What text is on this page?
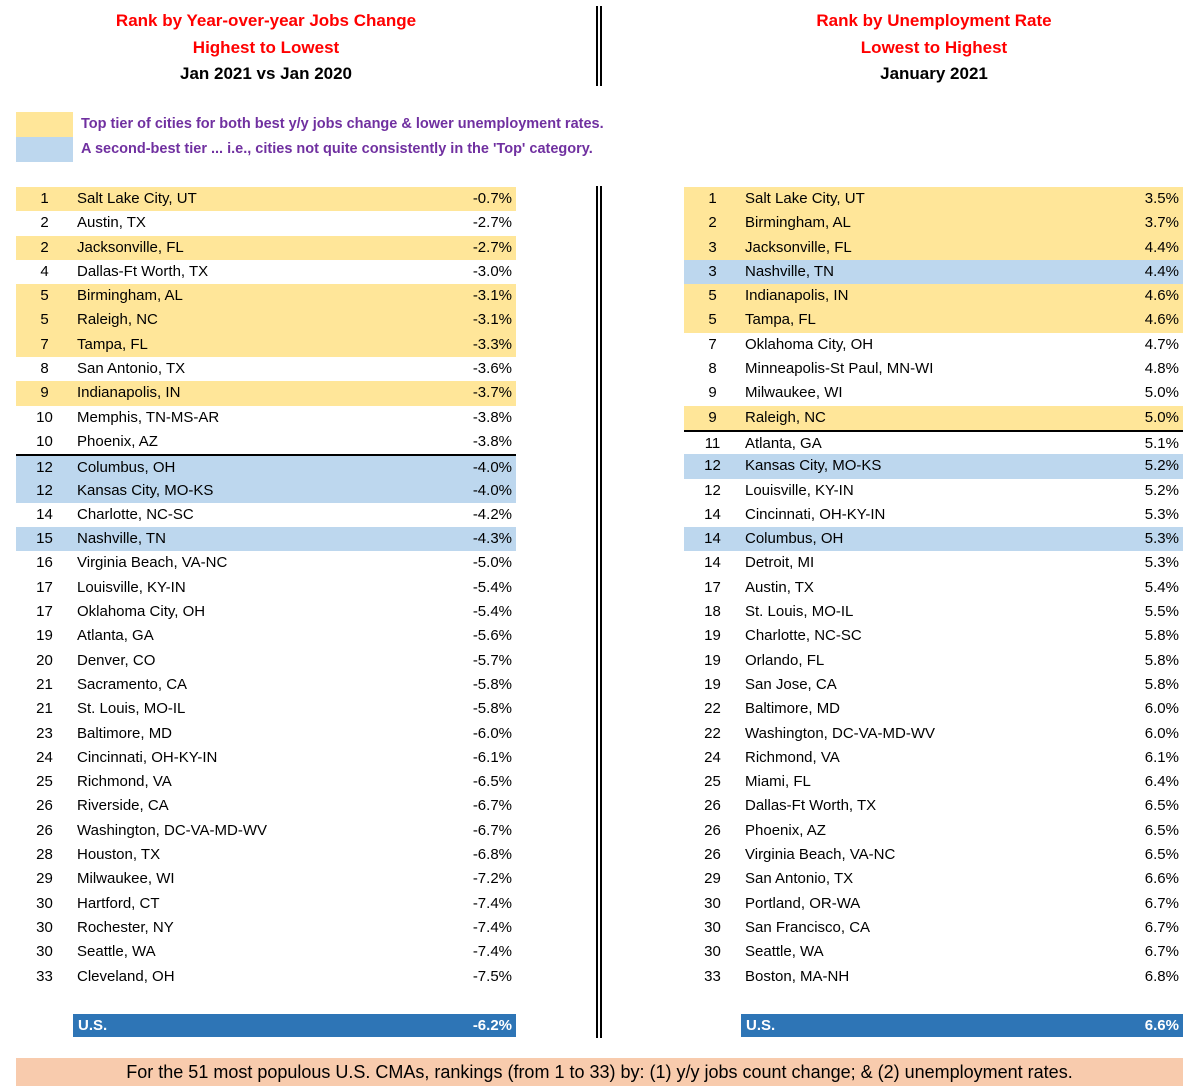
Rank by Year-over-year Jobs Change
Highest to Lowest
Jan 2021 vs Jan 2020
Rank by Unemployment Rate
Lowest to Highest
January 2021
Top tier of cities for both best y/y jobs change & lower unemployment rates.
A second-best tier ... i.e., cities not quite consistently in the 'Top' category.
1	Salt Lake City, UT	-0.7%
2	Austin, TX	-2.7%
2	Jacksonville, FL	-2.7%
4	Dallas-Ft Worth, TX	-3.0%
5	Birmingham, AL	-3.1%
5	Raleigh, NC	-3.1%
7	Tampa, FL	-3.3%
8	San Antonio, TX	-3.6%
9	Indianapolis, IN	-3.7%
10	Memphis, TN-MS-AR	-3.8%
10	Phoenix, AZ	-3.8%
12	Columbus, OH	-4.0%
12	Kansas City, MO-KS	-4.0%
14	Charlotte, NC-SC	-4.2%
15	Nashville, TN	-4.3%
16	Virginia Beach, VA-NC	-5.0%
17	Louisville, KY-IN	-5.4%
17	Oklahoma City, OH	-5.4%
19	Atlanta, GA	-5.6%
20	Denver, CO	-5.7%
21	Sacramento, CA	-5.8%
21	St. Louis, MO-IL	-5.8%
23	Baltimore, MD	-6.0%
24	Cincinnati, OH-KY-IN	-6.1%
25	Richmond, VA	-6.5%
26	Riverside, CA	-6.7%
26	Washington, DC-VA-MD-WV	-6.7%
28	Houston, TX	-6.8%
29	Milwaukee, WI	-7.2%
30	Hartford, CT	-7.4%
30	Rochester, NY	-7.4%
30	Seattle, WA	-7.4%
33	Cleveland, OH	-7.5%
1	Salt Lake City, UT	3.5%
2	Birmingham, AL	3.7%
3	Jacksonville, FL	4.4%
3	Nashville, TN	4.4%
5	Indianapolis, IN	4.6%
5	Tampa, FL	4.6%
7	Oklahoma City, OH	4.7%
8	Minneapolis-St Paul, MN-WI	4.8%
9	Milwaukee, WI	5.0%
9	Raleigh, NC	5.0%
11	Atlanta, GA	5.1%
12	Kansas City, MO-KS	5.2%
12	Louisville, KY-IN	5.2%
14	Cincinnati, OH-KY-IN	5.3%
14	Columbus, OH	5.3%
14	Detroit, MI	5.3%
17	Austin, TX	5.4%
18	St. Louis, MO-IL	5.5%
19	Charlotte, NC-SC	5.8%
19	Orlando, FL	5.8%
19	San Jose, CA	5.8%
22	Baltimore, MD	6.0%
22	Washington, DC-VA-MD-WV	6.0%
24	Richmond, VA	6.1%
25	Miami, FL	6.4%
26	Dallas-Ft Worth, TX	6.5%
26	Phoenix, AZ	6.5%
26	Virginia Beach, VA-NC	6.5%
29	San Antonio, TX	6.6%
30	Portland, OR-WA	6.7%
30	San Francisco, CA	6.7%
30	Seattle, WA	6.7%
33	Boston, MA-NH	6.8%
U.S.	-6.2%	U.S.	6.6%
For the 51 most populous U.S. CMAs, rankings (from 1 to 33) by: (1) y/y jobs count change; & (2) unemployment rates.
